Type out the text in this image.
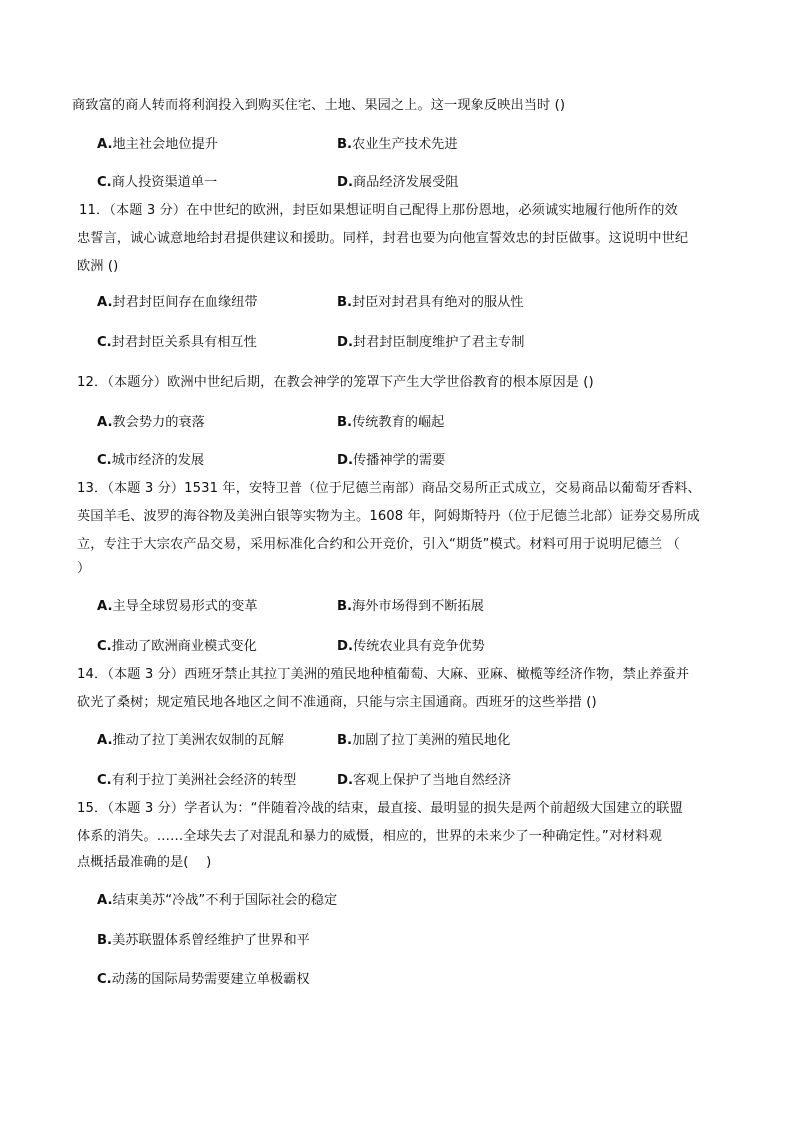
商致富的商人转而将利润投入到购买住宅、土地、果园之上。这一现象反映出当时 ()
A.地主社会地位提升	B.农业生产技术先进
C.商人投资渠道单一	D.商品经济发展受阻
11．（本题 3 分）在中世纪的欧洲，封臣如果想证明自己配得上那份恩地，必须诚实地履行他所作的效
忠誓言，诚心诚意地给封君提供建议和援助。同样，封君也要为向他宣誓效忠的封臣做事。这说明中世纪
欧洲 ()
A.封君封臣间存在血缘纽带	B.封臣对封君具有绝对的服从性
C.封君封臣关系具有相互性	D.封君封臣制度维护了君主专制
12．（本题分）欧洲中世纪后期，在教会神学的笼罩下产生大学世俗教育的根本原因是 ()
A.教会势力的衰落	B.传统教育的崛起
C.城市经济的发展	D.传播神学的需要
13．（本题 3 分）1531 年，安特卫普（位于尼德兰南部）商品交易所正式成立，交易商品以葡萄牙香料、
英国羊毛、波罗的海谷物及美洲白银等实物为主。1608 年，阿姆斯特丹（位于尼德兰北部）证券交易所成
立，专注于大宗农产品交易，采用标准化合约和公开竞价，引入“期货”模式。材料可用于说明尼德兰 （
）
A.主导全球贸易形式的变革	B.海外市场得到不断拓展
C.推动了欧洲商业模式变化	D.传统农业具有竞争优势
14．（本题 3 分）西班牙禁止其拉丁美洲的殖民地种植葡萄、大麻、亚麻、橄榄等经济作物，禁止养蚕并
砍光了桑树；规定殖民地各地区之间不准通商，只能与宗主国通商。西班牙的这些举措 ()
A.推动了拉丁美洲农奴制的瓦解	B.加剧了拉丁美洲的殖民地化
C.有利于拉丁美洲社会经济的转型	D.客观上保护了当地自然经济
15．（本题 3 分）学者认为：“伴随着冷战的结束，最直接、最明显的损失是两个前超级大国建立的联盟
体系的消失。……全球失去了对混乱和暴力的威慑，相应的，世界的未来少了一种确定性。”对材料观
点概括最准确的是(　 )
A.结束美苏“冷战”不利于国际社会的稳定
B.美苏联盟体系曾经维护了世界和平
C.动荡的国际局势需要建立单极霸权
